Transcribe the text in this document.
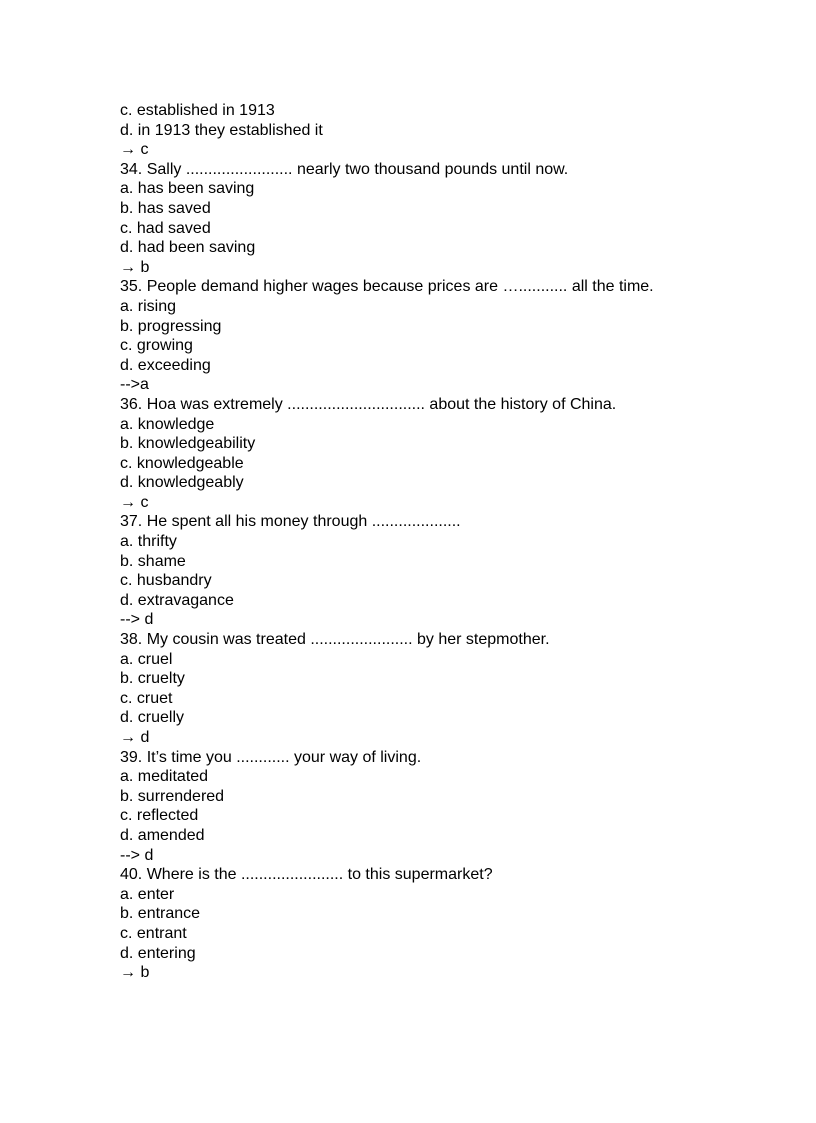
c. established in 1913

d. in 1913 they established it

→ c

34. Sally ........................ nearly two thousand pounds until now.

a. has been saving

b. has saved

c. had saved

d. had been saving

→ b

35. People demand higher wages because prices are …........... all the time.

a. rising

b. progressing

c. growing

d. exceeding

-->a

36. Hoa was extremely ............................... about the history of China.

a. knowledge

b. knowledgeability

c. knowledgeable

d. knowledgeably

→ c

37. He spent all his money through ....................

a. thrifty

b. shame

c. husbandry

d. extravagance

--> d

38. My cousin was treated ....................... by her stepmother.

a. cruel

b. cruelty

c. cruet

d. cruelly

→ d

39. It’s time you ............ your way of living.

a. meditated

b. surrendered

c. reflected

d. amended

--> d

40. Where is the ....................... to this supermarket?

a. enter

b. entrance

c. entrant

d. entering

→ b
